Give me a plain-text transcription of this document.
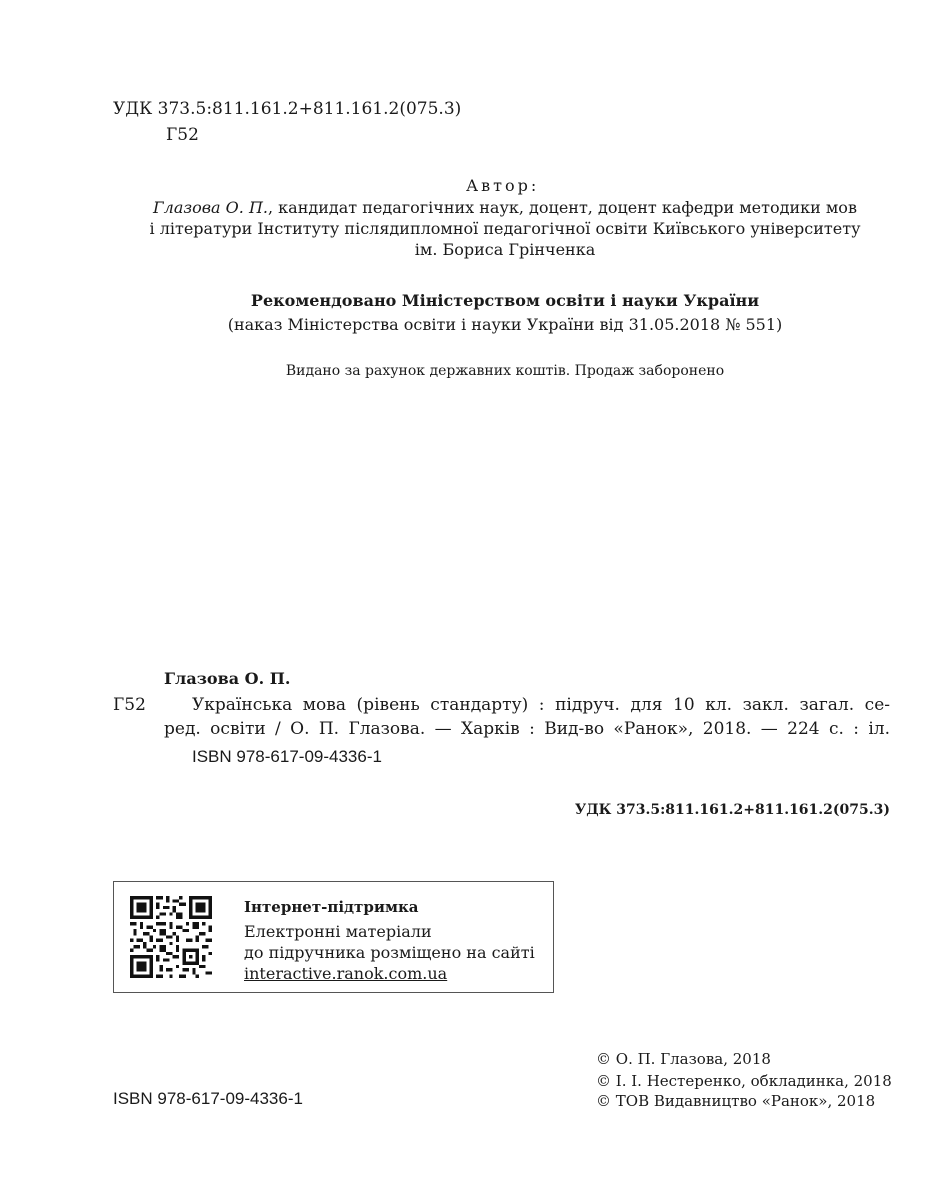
УДК 373.5:811.161.2+811.161.2(075.3)
Г52
Автор:
Глазова О. П., кандидат педагогічних наук, доцент, доцент кафедри методики мов
і літератури Інституту післядипломної педагогічної освіти Київського університету
ім. Бориса Грінченка
Рекомендовано Міністерством освіти і науки України
(наказ Міністерства освіти і науки України від 31.05.2018 № 551)
Видано за рахунок державних коштів. Продаж заборонено
Глазова О. П.
Г52	Українська мова (рівень стандарту) : підруч. для 10 кл. закл. загал. се-
ред. освіти / О. П. Глазова. — Харків : Вид-во «Ранок», 2018. — 224 с. : іл.
ISBN 978-617-09-4336-1
УДК 373.5:811.161.2+811.161.2(075.3)
Інтернет-підтримка
Електронні матеріали
до підручника розміщено на сайті
interactive.ranok.com.ua
ISBN 978-617-09-4336-1
© О. П. Глазова, 2018
© І. І. Нестеренко, обкладинка, 2018
© ТОВ Видавництво «Ранок», 2018
